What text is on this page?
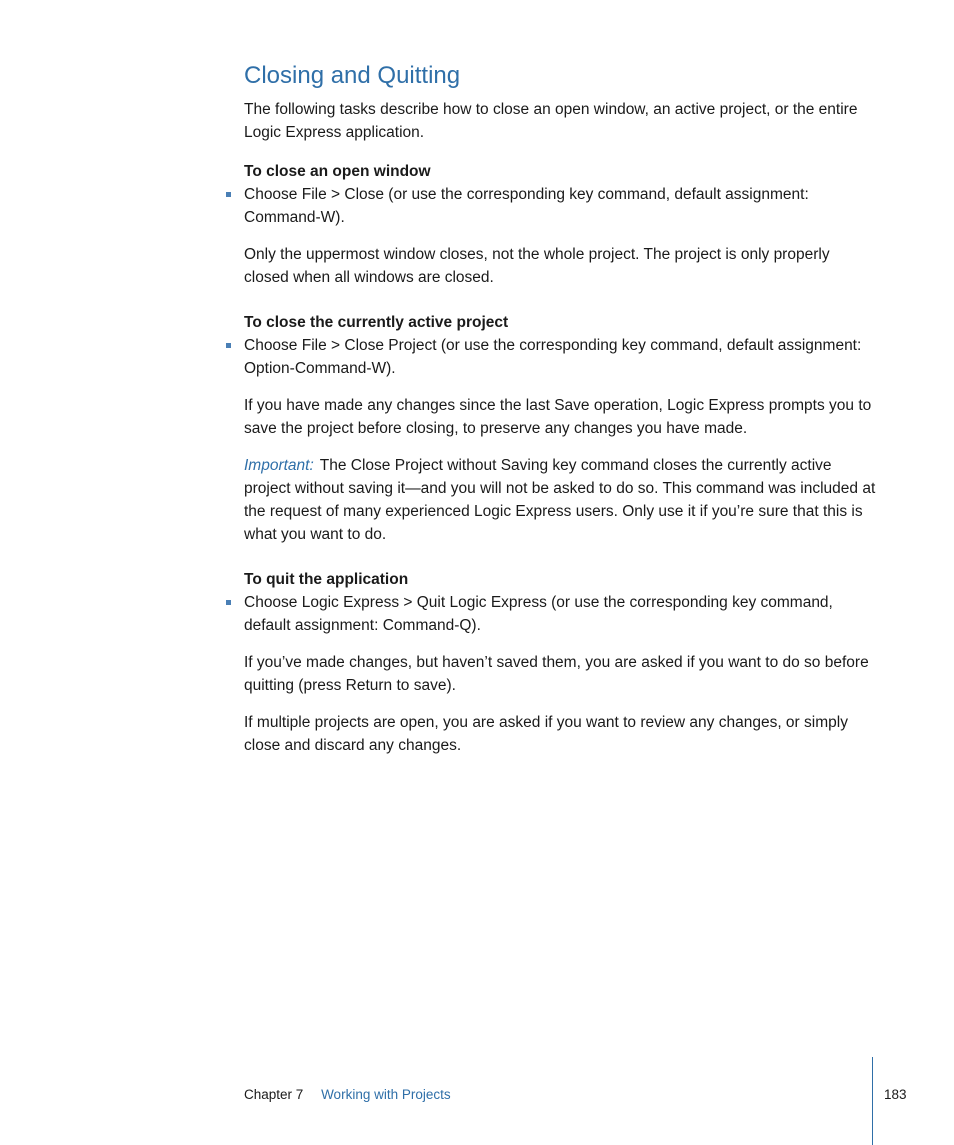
Closing and Quitting

The following tasks describe how to close an open window, an active project, or the entire Logic Express application.

To close an open window
Choose File > Close (or use the corresponding key command, default assignment: Command-W).

Only the uppermost window closes, not the whole project. The project is only properly closed when all windows are closed.

To close the currently active project
Choose File > Close Project (or use the corresponding key command, default assignment: Option-Command-W).

If you have made any changes since the last Save operation, Logic Express prompts you to save the project before closing, to preserve any changes you have made.

Important: The Close Project without Saving key command closes the currently active project without saving it—and you will not be asked to do so. This command was included at the request of many experienced Logic Express users. Only use it if you’re sure that this is what you want to do.

To quit the application
Choose Logic Express > Quit Logic Express (or use the corresponding key command, default assignment: Command-Q).

If you’ve made changes, but haven’t saved them, you are asked if you want to do so before quitting (press Return to save).

If multiple projects are open, you are asked if you want to review any changes, or simply close and discard any changes.

Chapter 7 Working with Projects	183
